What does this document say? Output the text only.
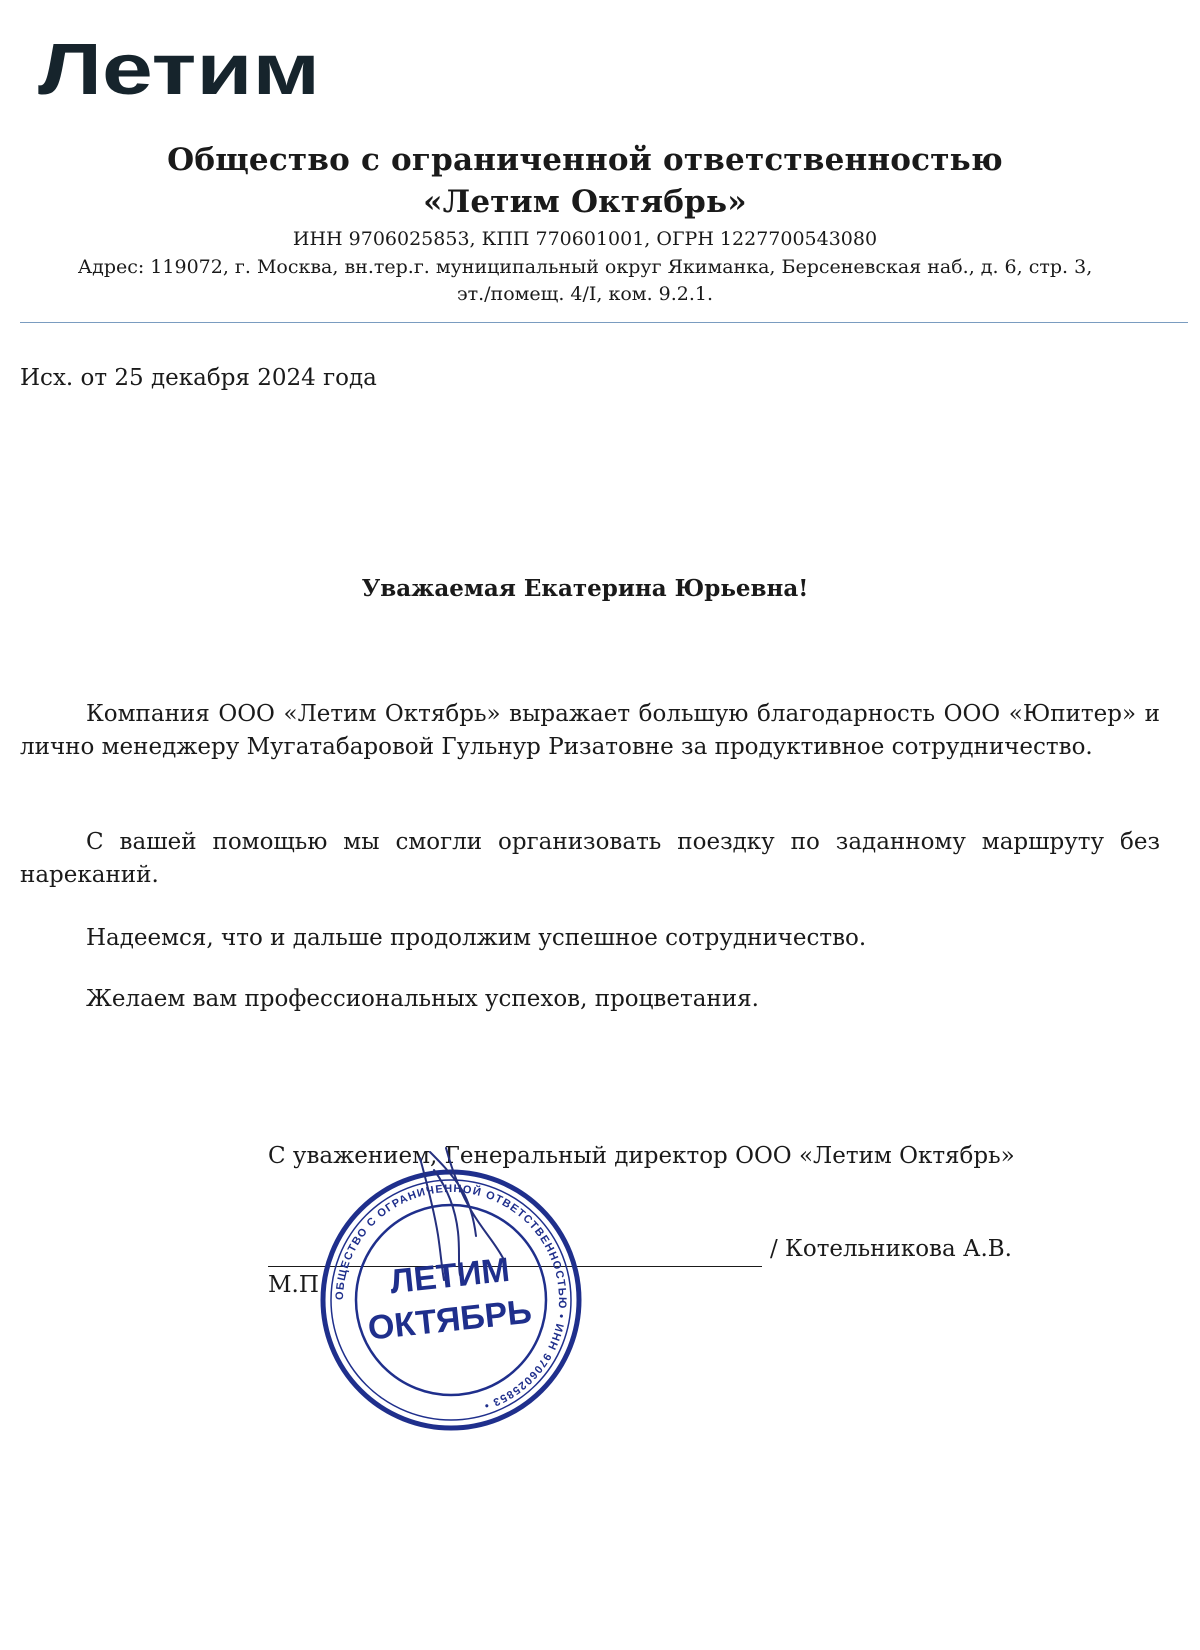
Летим
Общество с ограниченной ответственностью
«Летим Октябрь»
ИНН 9706025853, КПП 770601001, ОГРН 1227700543080
Адрес: 119072, г. Москва, вн.тер.г. муниципальный округ Якиманка, Берсеневская наб., д. 6, стр. 3,
эт./помещ. 4/I, ком. 9.2.1.
Исх. от 25 декабря 2024 года
Уважаемая Екатерина Юрьевна!
Компания ООО «Летим Октябрь» выражает большую благодарность ООО «Юпитер» и лично менеджеру Мугатабаровой Гульнур Ризатовне за продуктивное сотрудничество.
С вашей помощью мы смогли организовать поездку по заданному маршруту без нареканий.
Надеемся, что и дальше продолжим успешное сотрудничество.
Желаем вам профессиональных успехов, процветания.
С уважением, Генеральный директор ООО «Летим Октябрь»
/ Котельникова А.В.
М.П. ОБЩЕСТВО С ОГРАНИЧЕННОЙ ОТВЕТСТВЕННОСТЬЮ • ИНН 9706025853 •
ЛЕТИМ
ОКТЯБРЬ
